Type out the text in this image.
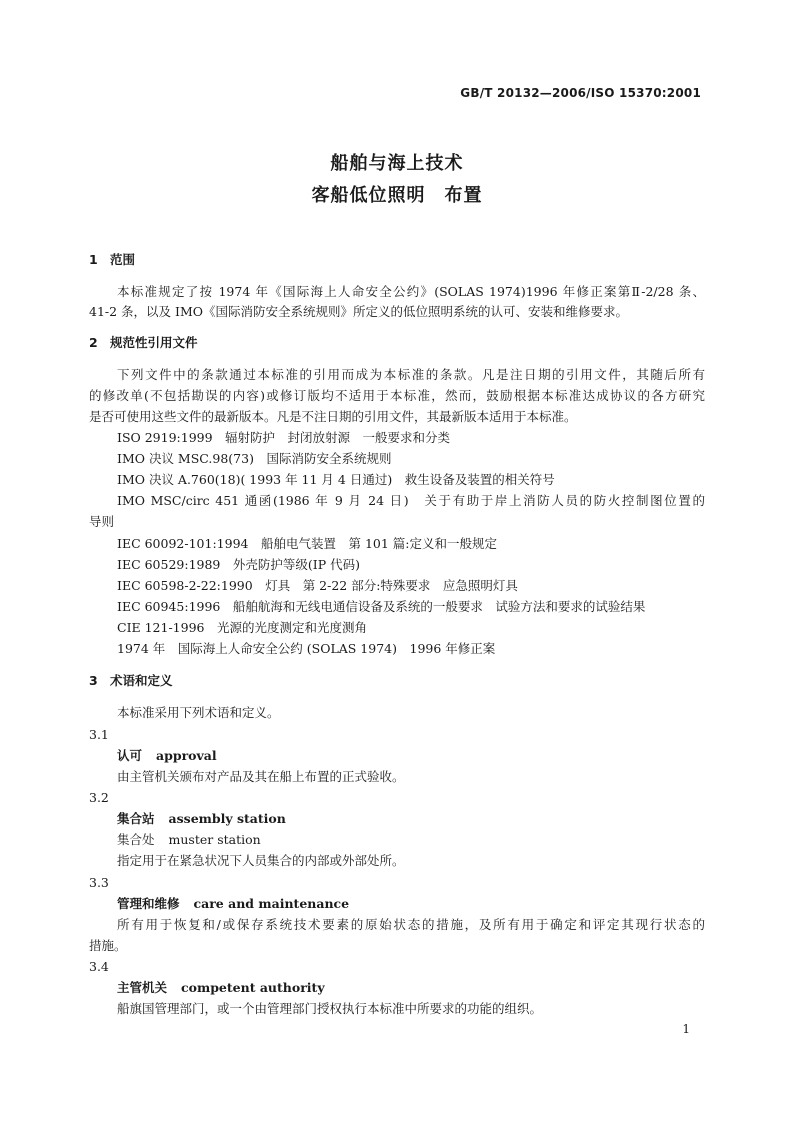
GB/T 20132—2006/ISO 15370:2001
船舶与海上技术
客船低位照明　布置
1 范围
本标准规定了按 1974 年《国际海上人命安全公约》(SOLAS 1974)1996 年修正案第Ⅱ-2/28 条、
41-2 条，以及 IMO《国际消防安全系统规则》所定义的低位照明系统的认可、安装和维修要求。
2 规范性引用文件
下列文件中的条款通过本标准的引用而成为本标准的条款。凡是注日期的引用文件，其随后所有
的修改单(不包括勘误的内容)或修订版均不适用于本标准，然而，鼓励根据本标准达成协议的各方研究
是否可使用这些文件的最新版本。凡是不注日期的引用文件，其最新版本适用于本标准。
ISO 2919:1999　辐射防护　封闭放射源　一般要求和分类
IMO 决议 MSC.98(73)　国际消防安全系统规则
IMO 决议 A.760(18)( 1993 年 11 月 4 日通过)　救生设备及装置的相关符号
IMO MSC/circ 451 通函(1986 年 9 月 24 日)　关于有助于岸上消防人员的防火控制图位置的
导则
IEC 60092-101:1994　船舶电气装置　第 101 篇:定义和一般规定
IEC 60529:1989　外壳防护等级(IP 代码)
IEC 60598-2-22:1990　灯具　第 2-22 部分:特殊要求　应急照明灯具
IEC 60945:1996　船舶航海和无线电通信设备及系统的一般要求　试验方法和要求的试验结果
CIE 121-1996　光源的光度测定和光度测角
1974 年　国际海上人命安全公约 (SOLAS 1974)　1996 年修正案
3 术语和定义
本标准采用下列术语和定义。
3.1
认可 approval
由主管机关颁布对产品及其在船上布置的正式验收。
3.2
集合站 assembly station
集合处 muster station
指定用于在紧急状况下人员集合的内部或外部处所。
3.3
管理和维修 care and maintenance
所有用于恢复和/或保存系统技术要素的原始状态的措施，及所有用于确定和评定其现行状态的
措施。
3.4
主管机关 competent authority
船旗国管理部门，或一个由管理部门授权执行本标准中所要求的功能的组织。
1
